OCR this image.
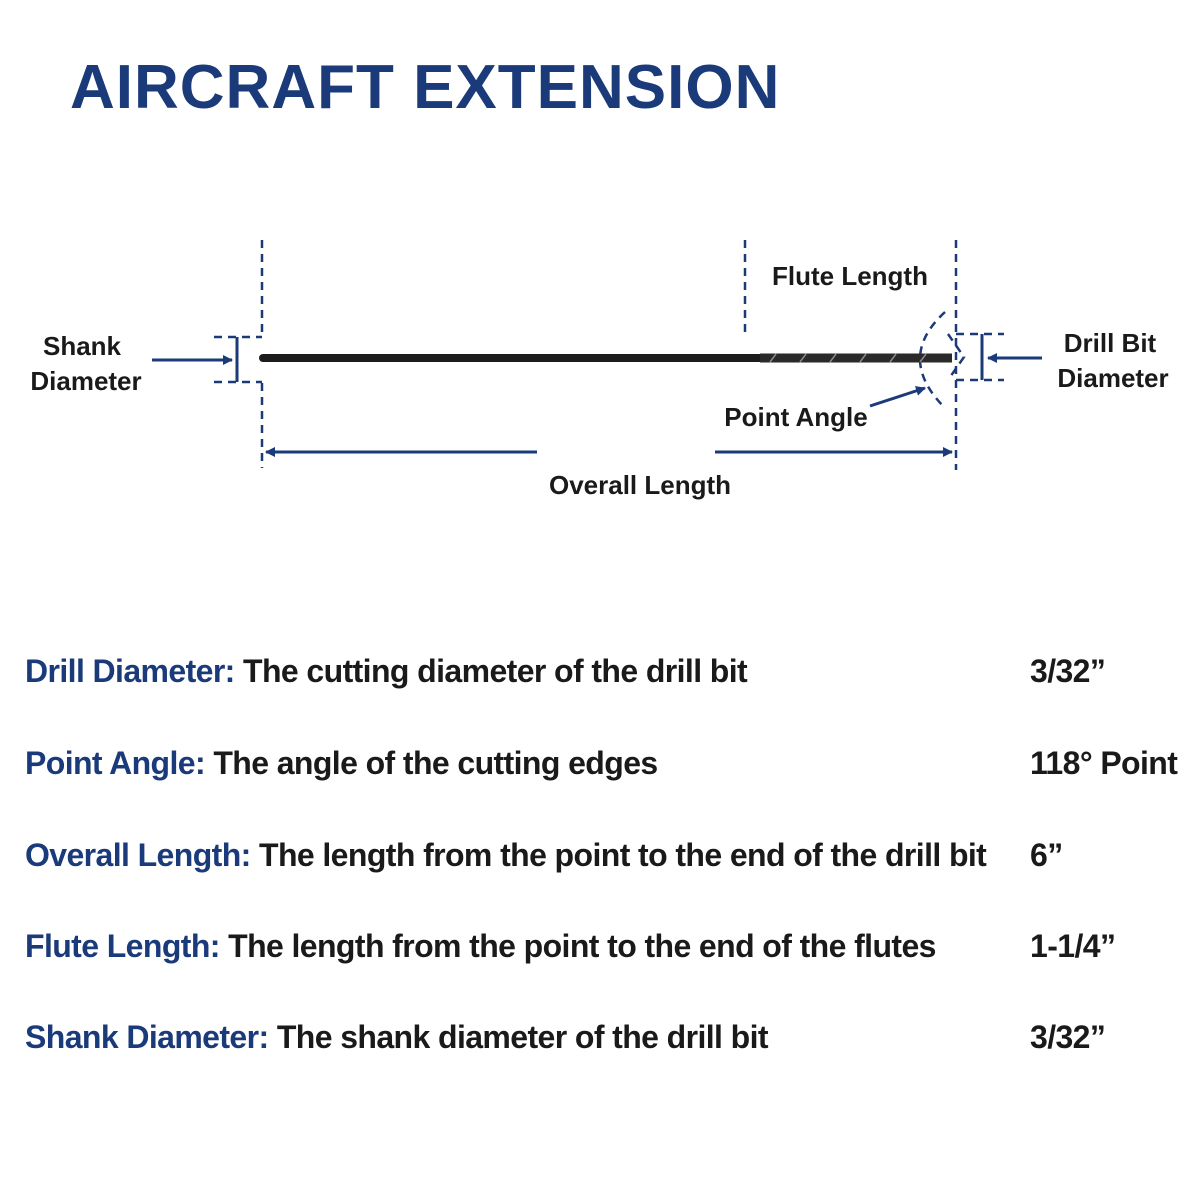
AIRCRAFT EXTENSION
Shank
Diameter
Flute Length
Drill Bit
Diameter
Point Angle
Overall Length
Drill Diameter: The cutting diameter of the drill bit	3/32”
Point Angle: The angle of the cutting edges	118° Point
Overall Length: The length from the point to the end of the drill bit 6”
Flute Length: The length from the point to the end of the flutes	1-1/4”
Shank Diameter: The shank diameter of the drill bit	3/32”
